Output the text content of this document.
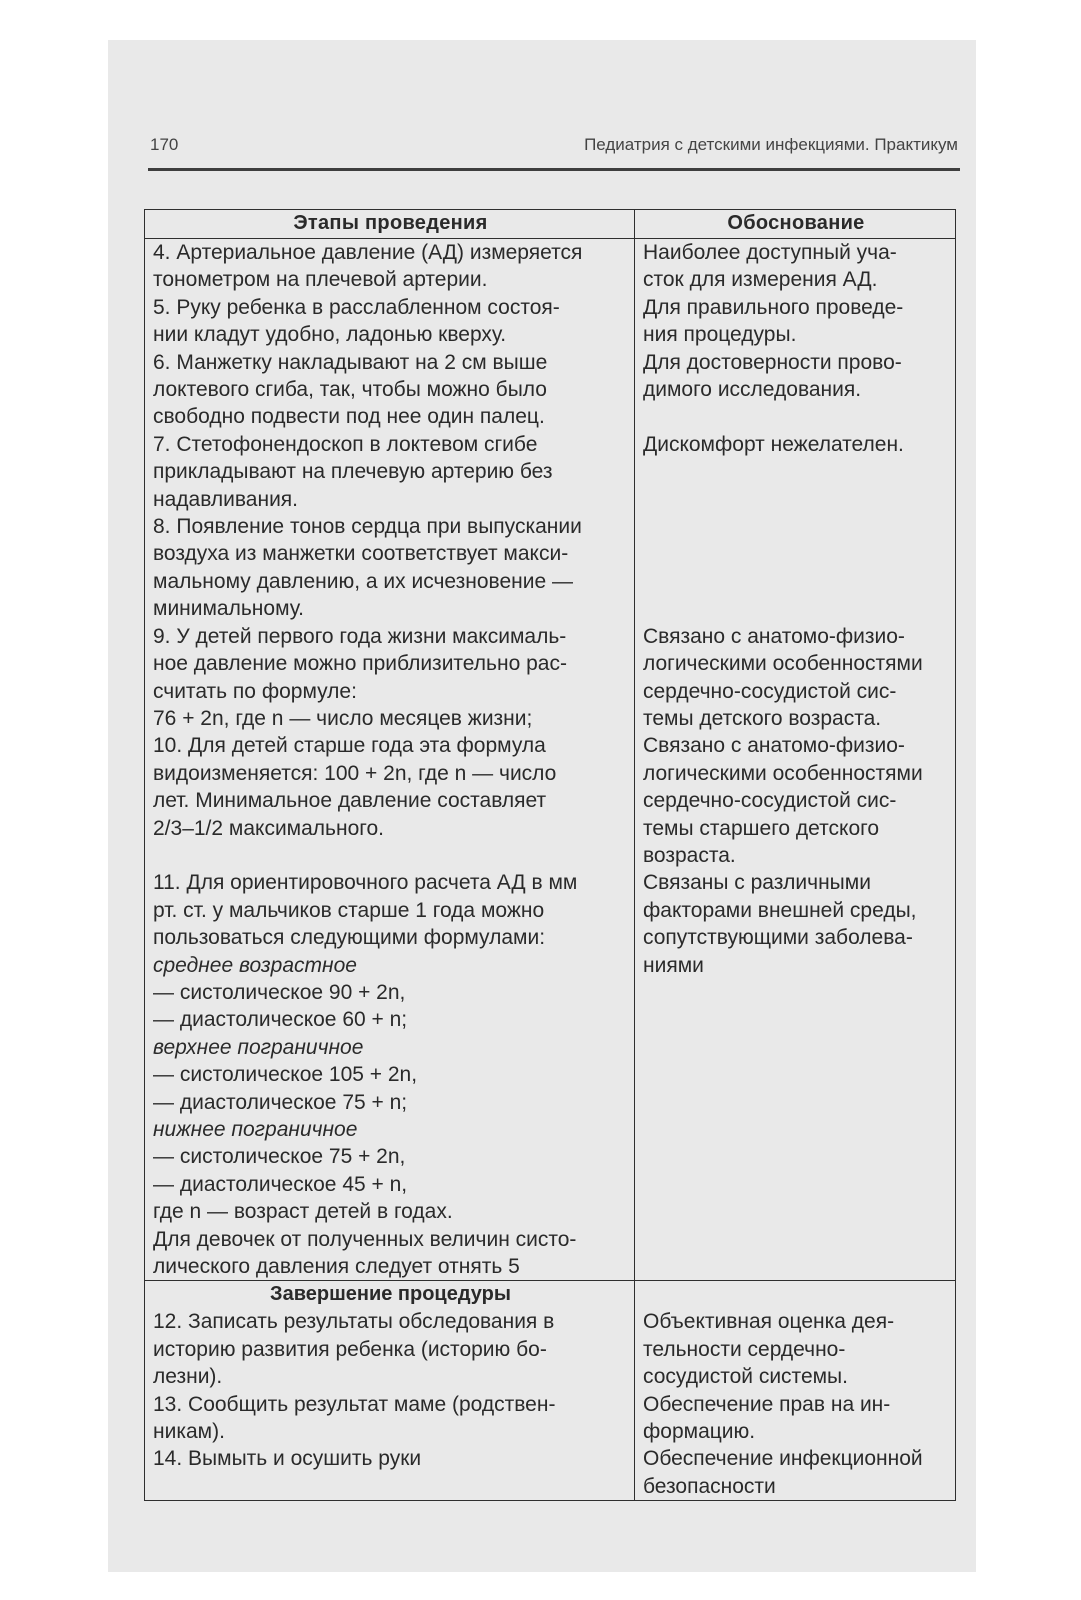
170	Педиатрия с детскими инфекциями. Практикум
Этапы проведения	Обоснование
4. Артериальное давление (АД) измеряется
тонометром на плечевой артерии.
5. Руку ребенка в расслабленном состоя-
нии кладут удобно, ладонью кверху.
6. Манжетку накладывают на 2 см выше
локтевого сгиба, так, чтобы можно было
свободно подвести под нее один палец.
7. Стетофонендоскоп в локтевом сгибе
прикладывают на плечевую артерию без
надавливания.
8. Появление тонов сердца при выпускании
воздуха из манжетки соответствует макси-
мальному давлению, а их исчезновение —
минимальному.
9. У детей первого года жизни максималь-
ное давление можно приблизительно рас-
считать по формуле:
76 + 2n, где n — число месяцев жизни;
10. Для детей старше года эта формула
видоизменяется: 100 + 2n, где n — число
лет. Минимальное давление составляет
2/3–1/2 максимального.

11. Для ориентировочного расчета АД в мм
рт. ст. у мальчиков старше 1 года можно
пользоваться следующими формулами:
среднее возрастное
— систолическое 90 + 2n,
— диастолическое 60 + n;
верхнее пограничное
— систолическое 105 + 2n,
— диастолическое 75 + n;
нижнее пограничное
— систолическое 75 + 2n,
— диастолическое 45 + n,
где n — возраст детей в годах.
Для девочек от полученных величин систо-
лического давления следует отнять 5
Наиболее доступный уча-
сток для измерения АД.
Для правильного проведе-
ния процедуры.
Для достоверности прово-
димого исследования.

Дискомфорт нежелателен.

Связано с анатомо-физио-
логическими особенностями
сердечно-сосудистой сис-
темы детского возраста.
Связано с анатомо-физио-
логическими особенностями
сердечно-сосудистой сис-
темы старшего детского
возраста.
Связаны с различными
факторами внешней среды,
сопутствующими заболева-
ниями
Завершение процедуры
12. Записать результаты обследования в
историю развития ребенка (историю бо-
лезни).
13. Сообщить результат маме (родствен-
никам).
14. Вымыть и осушить руки
Объективная оценка дея-
тельности сердечно-
сосудистой системы.
Обеспечение прав на ин-
формацию.
Обеспечение инфекционной
безопасности
